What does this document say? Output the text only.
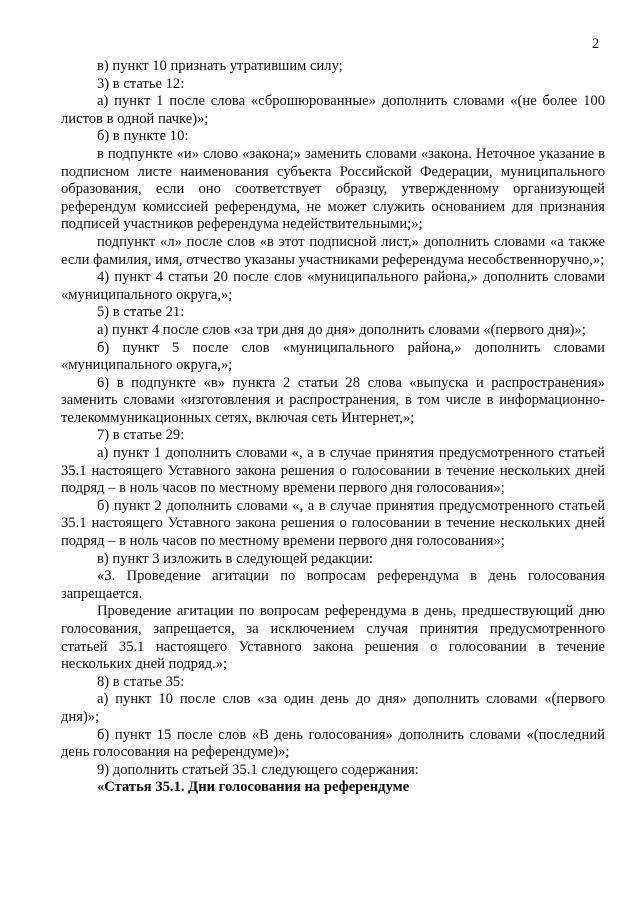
2

в) пункт 10 признать утратившим силу;

3) в статье 12:

а) пункт 1 после слова «сброшюрованные» дополнить словами «(не более 100 листов в одной пачке)»;

б) в пункте 10:

в подпункте «и» слово «закона;» заменить словами «закона. Неточное указание в подписном листе наименования субъекта Российской Федерации, муниципального образования, если оно соответствует образцу, утвержденному организующей референдум комиссией референдума, не может служить основанием для признания подписей участников референдума недействительными;»;

подпункт «л» после слов «в этот подписной лист,» дополнить словами «а также если фамилия, имя, отчество указаны участниками референдума несобственноручно,»;

4) пункт 4 статьи 20 после слов «муниципального района,» дополнить словами «муниципального округа,»;

5) в статье 21:

а) пункт 4 после слов «за три дня до дня» дополнить словами «(первого дня)»;

б) пункт 5 после слов «муниципального района,» дополнить словами «муниципального округа,»;

6) в подпункте «в» пункта 2 статьи 28 слова «выпуска и распространения» заменить словами «изготовления и распространения, в том числе в информационно-телекоммуникационных сетях, включая сеть Интернет,»;

7) в статье 29:

а) пункт 1 дополнить словами «, а в случае принятия предусмотренного статьей 35.1 настоящего Уставного закона решения о голосовании в течение нескольких дней подряд – в ноль часов по местному времени первого дня голосования»;

б) пункт 2 дополнить словами «, а в случае принятия предусмотренного статьей 35.1 настоящего Уставного закона решения о голосовании в течение нескольких дней подряд – в ноль часов по местному времени первого дня голосования»;

в) пункт 3 изложить в следующей редакции:

«3. Проведение агитации по вопросам референдума в день голосования запрещается.

Проведение агитации по вопросам референдума в день, предшествующий дню голосования, запрещается, за исключением случая принятия предусмотренного статьей 35.1 настоящего Уставного закона решения о голосовании в течение нескольких дней подряд.»;

8) в статье 35:

а) пункт 10 после слов «за один день до дня» дополнить словами «(первого дня)»;

б) пункт 15 после слов «В день голосования» дополнить словами «(последний день голосования на референдуме)»;

9) дополнить статьей 35.1 следующего содержания:

«Статья 35.1. Дни голосования на референдуме
